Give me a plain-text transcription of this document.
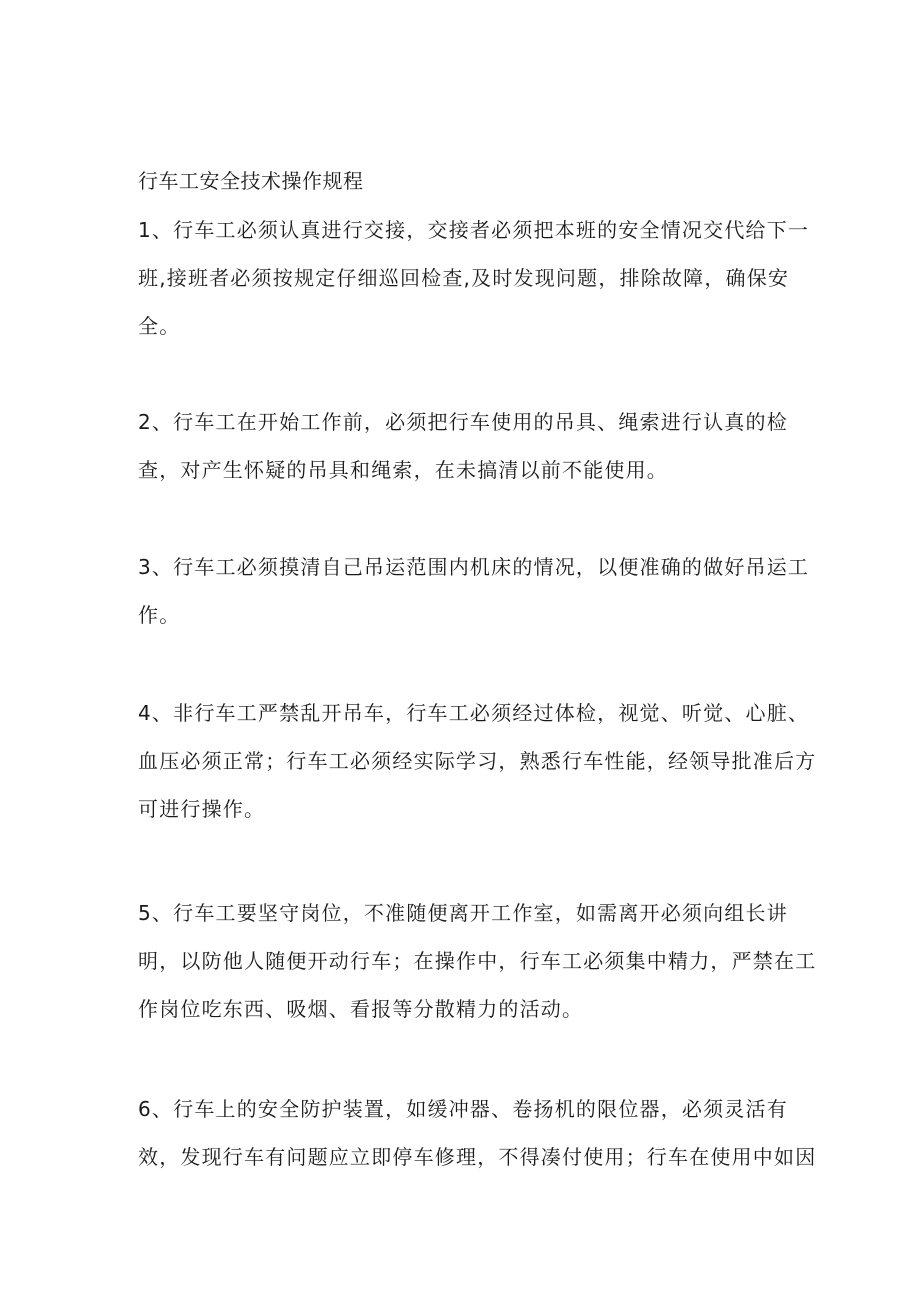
行车工安全技术操作规程

1、行车工必须认真进行交接，交接者必须把本班的安全情况交代给下一
班,接班者必须按规定仔细巡回检查,及时发现问题，排除故障，确保安
全。

2、行车工在开始工作前，必须把行车使用的吊具、绳索进行认真的检
查，对产生怀疑的吊具和绳索，在未搞清以前不能使用。

3、行车工必须摸清自己吊运范围内机床的情况，以便准确的做好吊运工
作。

4、非行车工严禁乱开吊车，行车工必须经过体检，视觉、听觉、心脏、
血压必须正常；行车工必须经实际学习，熟悉行车性能，经领导批准后方
可进行操作。

5、行车工要坚守岗位，不准随便离开工作室，如需离开必须向组长讲
明，以防他人随便开动行车；在操作中，行车工必须集中精力，严禁在工
作岗位吃东西、吸烟、看报等分散精力的活动。

6、行车上的安全防护装置，如缓冲器、卷扬机的限位器，必须灵活有
效，发现行车有问题应立即停车修理，不得凑付使用；行车在使用中如因
